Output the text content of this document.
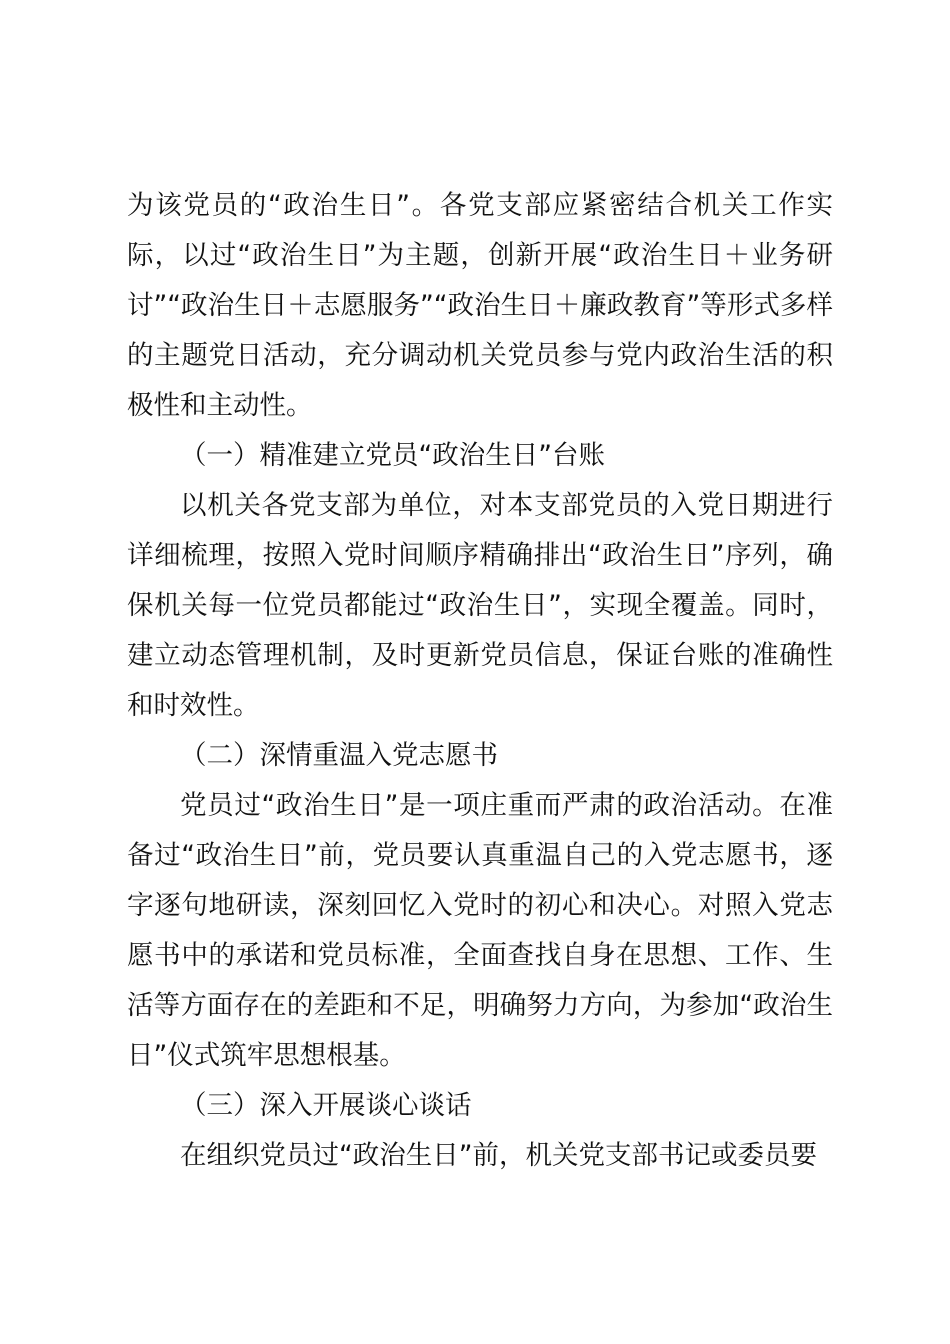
为该党员的“政治生日”。各党支部应紧密结合机关工作实际，以过“政治生日”为主题，创新开展“政治生日＋业务研讨”“政治生日＋志愿服务”“政治生日＋廉政教育”等形式多样的主题党日活动，充分调动机关党员参与党内政治生活的积极性和主动性。

（一）精准建立党员“政治生日”台账

以机关各党支部为单位，对本支部党员的入党日期进行详细梳理，按照入党时间顺序精确排出“政治生日”序列，确保机关每一位党员都能过“政治生日”，实现全覆盖。同时，建立动态管理机制，及时更新党员信息，保证台账的准确性和时效性。

（二）深情重温入党志愿书

党员过“政治生日”是一项庄重而严肃的政治活动。在准备过“政治生日”前，党员要认真重温自己的入党志愿书，逐字逐句地研读，深刻回忆入党时的初心和决心。对照入党志愿书中的承诺和党员标准，全面查找自身在思想、工作、生活等方面存在的差距和不足，明确努力方向，为参加“政治生日”仪式筑牢思想根基。

（三）深入开展谈心谈话

在组织党员过“政治生日”前，机关党支部书记或委员要
